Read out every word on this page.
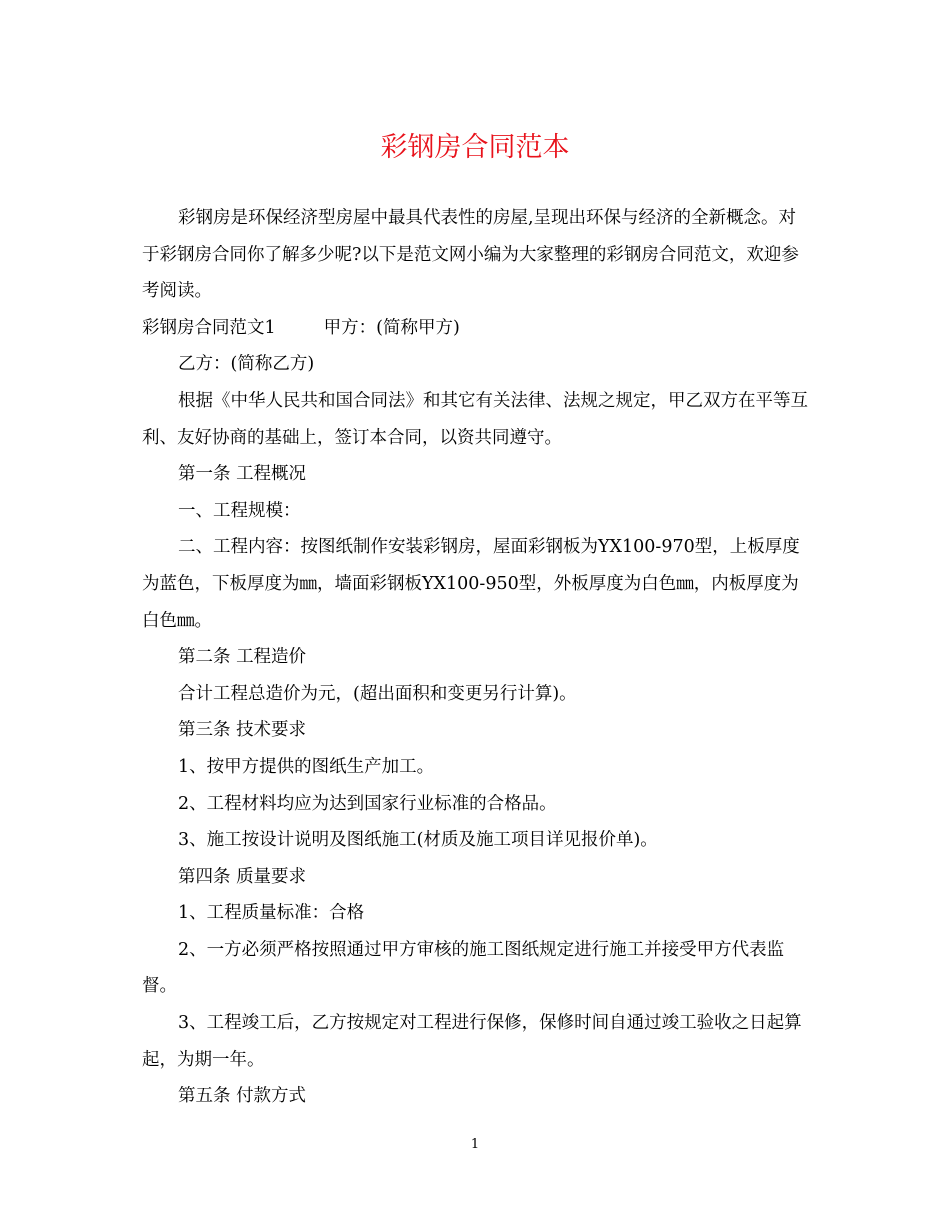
彩钢房合同范本

彩钢房是环保经济型房屋中最具代表性的房屋,呈现出环保与经济的全新概念。对于彩钢房合同你了解多少呢?以下是范文网小编为大家整理的彩钢房合同范文，欢迎参考阅读。

彩钢房合同范文1	甲方：(简称甲方)

乙方：(简称乙方)

根据《中华人民共和国合同法》和其它有关法律、法规之规定，甲乙双方在平等互利、友好协商的基础上，签订本合同，以资共同遵守。

第一条 工程概况

一、工程规模：

二、工程内容：按图纸制作安装彩钢房，屋面彩钢板为YX100-970型，上板厚度为蓝色，下板厚度为㎜，墙面彩钢板YX100-950型，外板厚度为白色㎜，内板厚度为白色㎜。

第二条 工程造价

合计工程总造价为元，(超出面积和变更另行计算)。

第三条 技术要求

1、按甲方提供的图纸生产加工。

2、工程材料均应为达到国家行业标准的合格品。

3、施工按设计说明及图纸施工(材质及施工项目详见报价单)。

第四条 质量要求

1、工程质量标准：合格

2、一方必须严格按照通过甲方审核的施工图纸规定进行施工并接受甲方代表监督。

3、工程竣工后，乙方按规定对工程进行保修，保修时间自通过竣工验收之日起算起，为期一年。

第五条 付款方式

1
